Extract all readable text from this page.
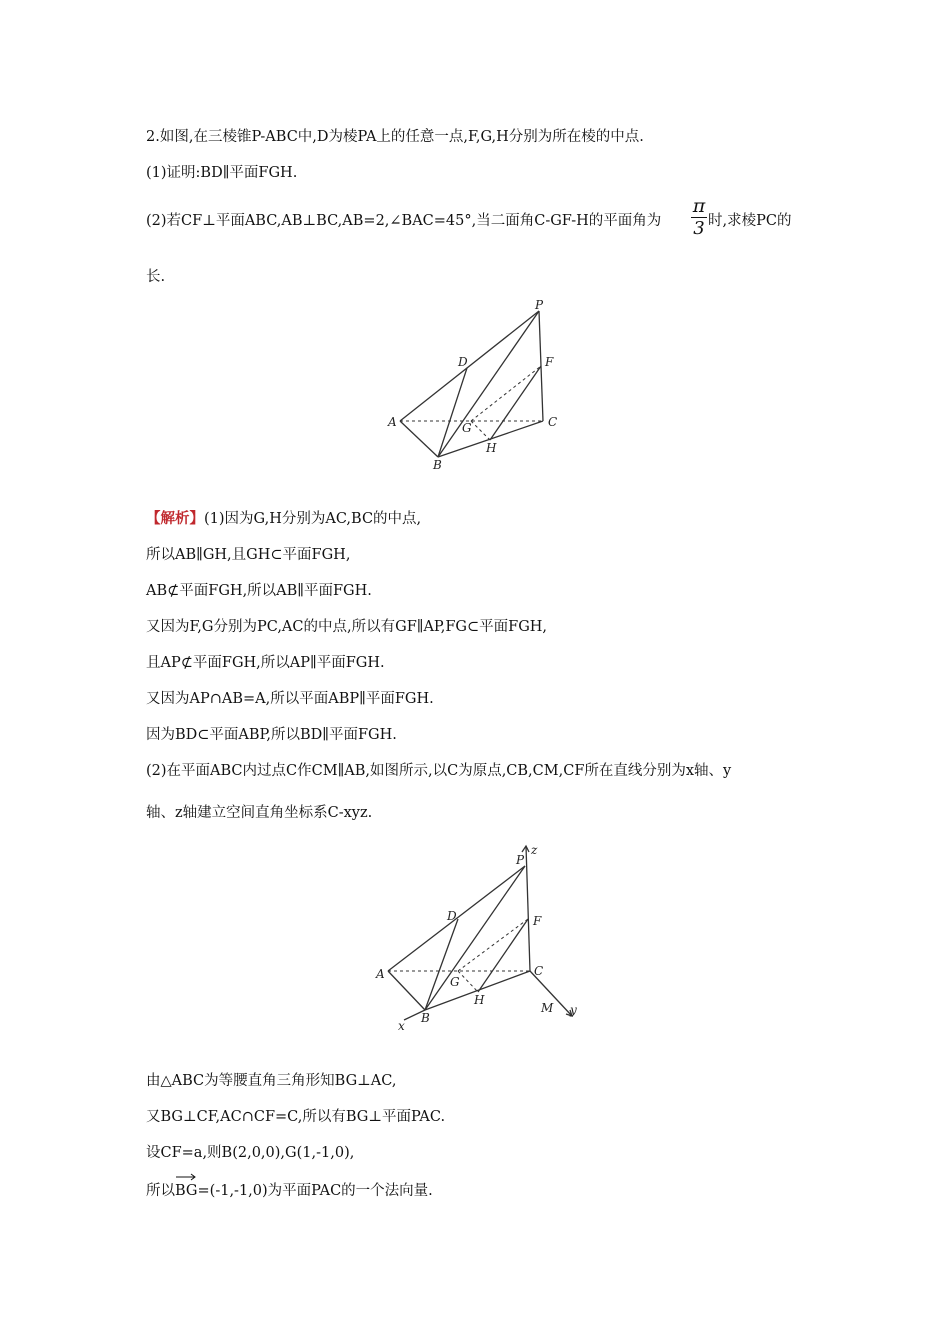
2.如图,在三棱锥P-ABC中,D为棱PA上的任意一点,F,G,H分别为所在棱的中点.
(1)证明:BD∥平面FGH.
(2)若CF⊥平面ABC,AB⊥BC,AB=2,∠BAC=45°,当二面角C-GF-H的平面角为
π
3 时,求棱PC的
长.
P
D	F
A	G	C
H
B
【解析】(1)因为G,H分别为AC,BC的中点,
所以AB∥GH,且GH⊂平面FGH,
AB⊄平面FGH,所以AB∥平面FGH.
又因为F,G分别为PC,AC的中点,所以有GF∥AP,FG⊂平面FGH,
且AP⊄平面FGH,所以AP∥平面FGH.
又因为AP∩AB=A,所以平面ABP∥平面FGH.
因为BD⊂平面ABP,所以BD∥平面FGH.
(2)在平面ABC内过点C作CM∥AB,如图所示,以C为原点,CB,CM,CF所在直线分别为x轴、y
轴、z轴建立空间直角坐标系C-xyz.
P
z
D	F
A
G
C
H
M y
B
x
由△ABC为等腰直角三角形知BG⊥AC,
又BG⊥CF,AC∩CF=C,所以有BG⊥平面PAC.
设CF=a,则B(2,0,0),G(1,-1,0),
所以
BG=(-1,-1,0)为平面PAC的一个法向量.
